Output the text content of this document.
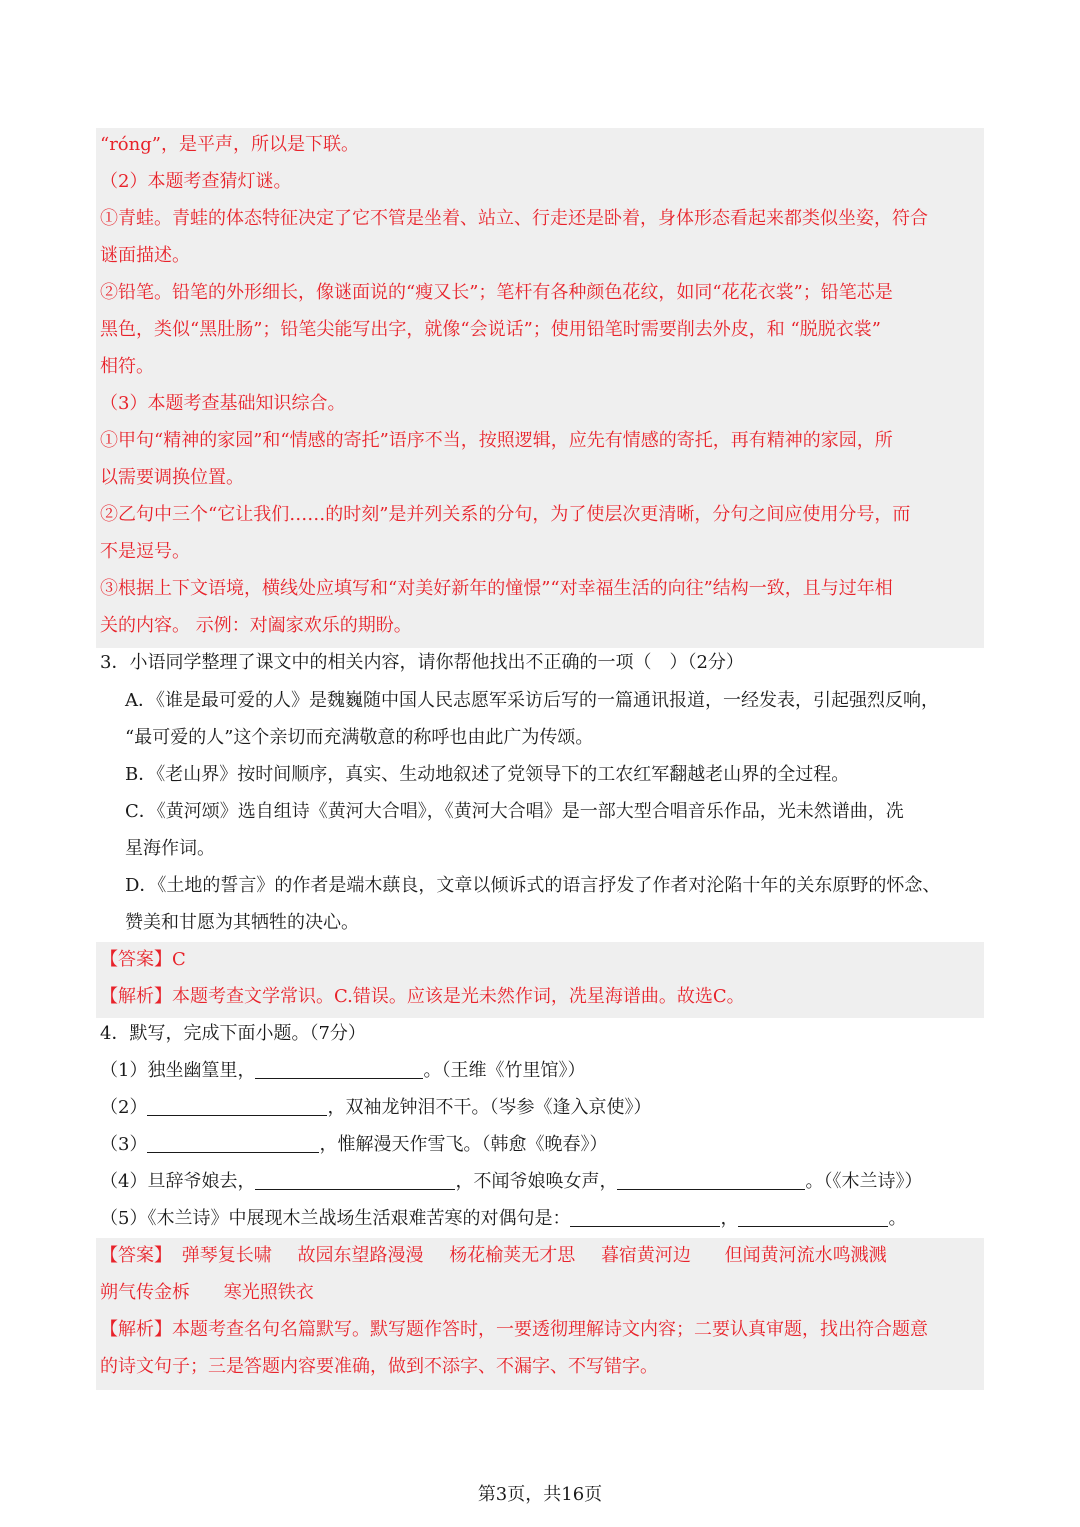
“róng”，是平声，所以是下联。
（2）本题考查猜灯谜。
①青蛙。青蛙的体态特征决定了它不管是坐着、站立、行走还是卧着，身体形态看起来都类似坐姿，符合
谜面描述。
②铅笔。铅笔的外形细长，像谜面说的“瘦又长”；笔杆有各种颜色花纹，如同“花花衣裳”；铅笔芯是
黑色，类似“黑肚肠”；铅笔尖能写出字，就像“会说话”；使用铅笔时需要削去外皮，和 “脱脱衣裳”
相符。
（3）本题考查基础知识综合。
①甲句“精神的家园”和“情感的寄托”语序不当，按照逻辑，应先有情感的寄托，再有精神的家园，所
以需要调换位置。
②乙句中三个“它让我们……的时刻”是并列关系的分句，为了使层次更清晰，分句之间应使用分号，而
不是逗号。
③根据上下文语境，横线处应填写和“对美好新年的憧憬”“对幸福生活的向往”结构一致，且与过年相
关的内容。 示例：对阖家欢乐的期盼。
3．小语同学整理了课文中的相关内容，请你帮他找出不正确的一项（　）（2分）
A．《谁是最可爱的人》是魏巍随中国人民志愿军采访后写的一篇通讯报道，一经发表，引起强烈反响，
“最可爱的人”这个亲切而充满敬意的称呼也由此广为传颂。
B．《老山界》按时间顺序，真实、生动地叙述了党领导下的工农红军翻越老山界的全过程。
C．《黄河颂》选自组诗《黄河大合唱》，《黄河大合唱》是一部大型合唱音乐作品，光未然谱曲，冼
星海作词。
D．《土地的誓言》的作者是端木蕻良，文章以倾诉式的语言抒发了作者对沦陷十年的关东原野的怀念、
赞美和甘愿为其牺牲的决心。
【答案】C
【解析】本题考查文学常识。C.错误。应该是光未然作词，冼星海谱曲。故选C。
4．默写，完成下面小题。（7分）
（1）独坐幽篁里，	。（王维《竹里馆》）
（2）	，双袖龙钟泪不干。（岑参《逢入京使》）
（3）	，惟解漫天作雪飞。（韩愈《晚春》）
（4）旦辞爷娘去，	，不闻爷娘唤女声，	。（《木兰诗》）
（5）《木兰诗》中展现木兰战场生活艰难苦寒的对偶句是：	，	。
【答案】 弹琴复长啸 故园东望路漫漫 杨花榆荚无才思 暮宿黄河边 但闻黄河流水鸣溅溅
朔气传金柝 寒光照铁衣
【解析】本题考查名句名篇默写。默写题作答时，一要透彻理解诗文内容；二要认真审题，找出符合题意
的诗文句子；三是答题内容要准确，做到不添字、不漏字、不写错字。
第3页，共16页
